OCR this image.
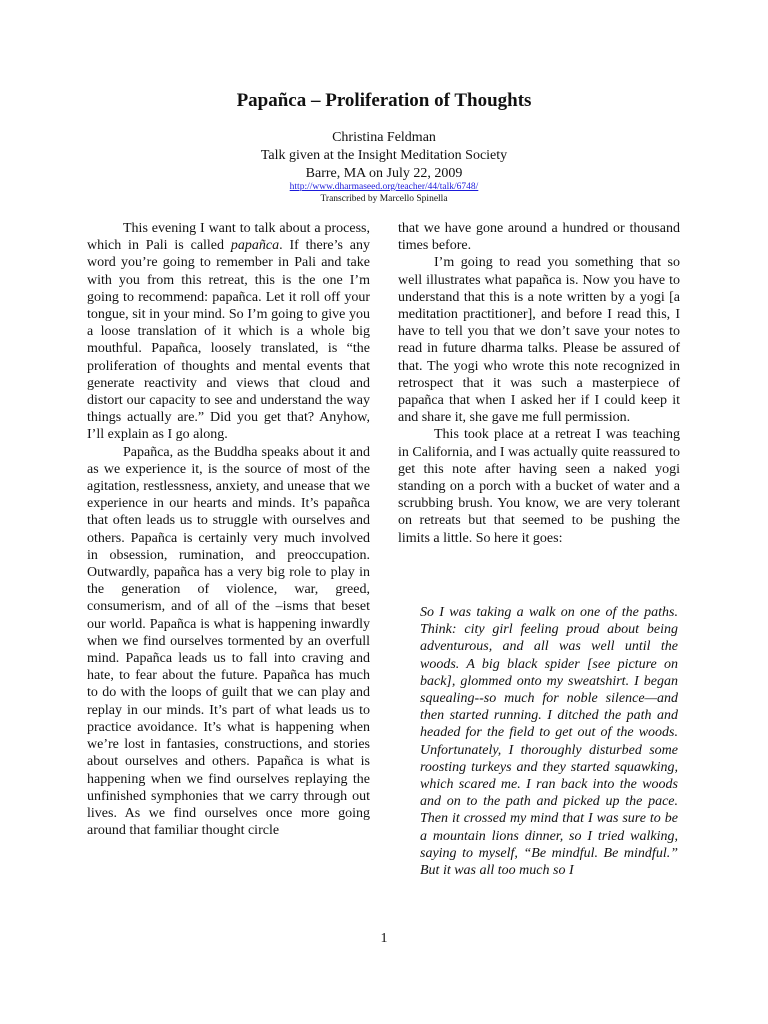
Papañca – Proliferation of Thoughts
Christina Feldman
Talk given at the Insight Meditation Society
Barre, MA on July 22, 2009
http://www.dharmaseed.org/teacher/44/talk/6748/
Transcribed by Marcello Spinella

This evening I want to talk about a process, which in Pali is called papañca. If there’s any word you’re going to remember in Pali and take with you from this retreat, this is the one I’m going to recommend: papañca. Let it roll off your tongue, sit in your mind. So I’m going to give you a loose translation of it which is a whole big mouthful. Papañca, loosely translated, is “the proliferation of thoughts and mental events that generate reactivity and views that cloud and distort our capacity to see and understand the way things actually are.” Did you get that? Anyhow, I’ll explain as I go along.

Papañca, as the Buddha speaks about it and as we experience it, is the source of most of the agitation, restlessness, anxiety, and unease that we experience in our hearts and minds. It’s papañca that often leads us to struggle with ourselves and others. Papañca is certainly very much involved in obsession, rumination, and preoccupation. Outwardly, papañca has a very big role to play in the generation of violence, war, greed, consumerism, and of all of the –isms that beset our world. Papañca is what is happening inwardly when we find ourselves tormented by an overfull mind. Papañca leads us to fall into craving and hate, to fear about the future. Papañca has much to do with the loops of guilt that we can play and replay in our minds. It’s part of what leads us to practice avoidance. It’s what is happening when we’re lost in fantasies, constructions, and stories about ourselves and others. Papañca is what is happening when we find ourselves replaying the unfinished symphonies that we carry through out lives. As we find ourselves once more going around that familiar thought circle

that we have gone around a hundred or thousand times before.

I’m going to read you something that so well illustrates what papañca is. Now you have to understand that this is a note written by a yogi [a meditation practitioner], and before I read this, I have to tell you that we don’t save your notes to read in future dharma talks. Please be assured of that. The yogi who wrote this note recognized in retrospect that it was such a masterpiece of papañca that when I asked her if I could keep it and share it, she gave me full permission.

This took place at a retreat I was teaching in California, and I was actually quite reassured to get this note after having seen a naked yogi standing on a porch with a bucket of water and a scrubbing brush. You know, we are very tolerant on retreats but that seemed to be pushing the limits a little. So here it goes:

So I was taking a walk on one of the paths. Think: city girl feeling proud about being adventurous, and all was well until the woods. A big black spider [see picture on back], glommed onto my sweatshirt. I began squealing--so much for noble silence—and then started running. I ditched the path and headed for the field to get out of the woods. Unfortunately, I thoroughly disturbed some roosting turkeys and they started squawking, which scared me. I ran back into the woods and on to the path and picked up the pace. Then it crossed my mind that I was sure to be a mountain lions dinner, so I tried walking, saying to myself, “Be mindful. Be mindful.” But it was all too much so I

1
